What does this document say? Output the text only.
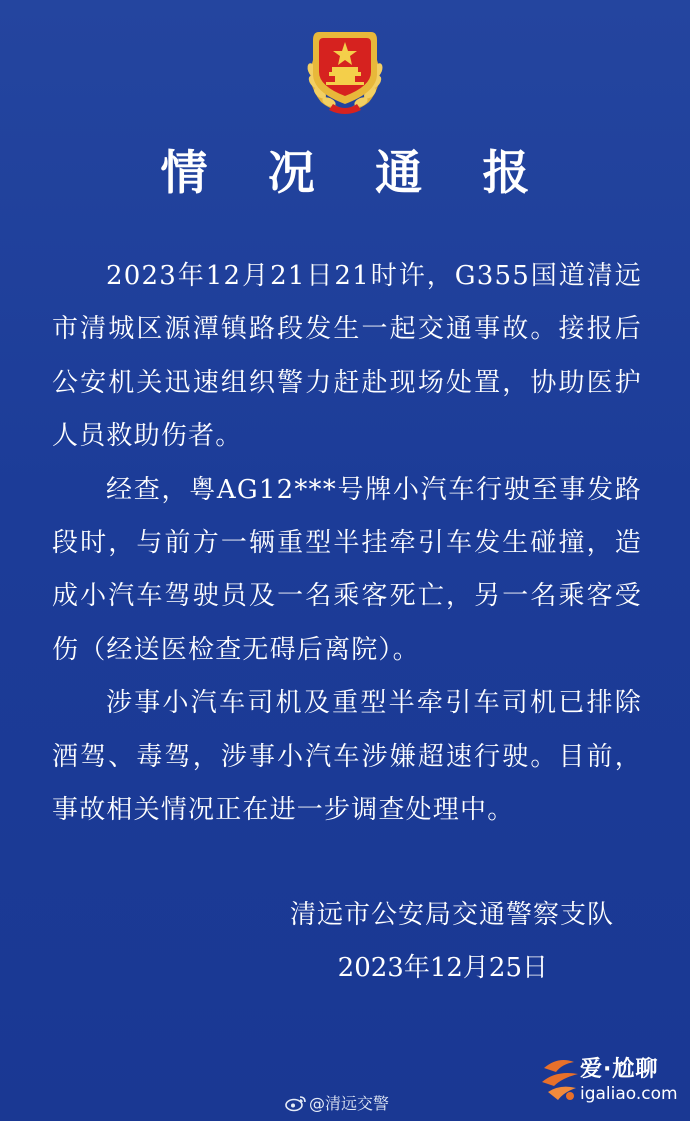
情 况 通 报

2023年12月21日21时许，G355国道清远市清城区源潭镇路段发生一起交通事故。接报后公安机关迅速组织警力赶赴现场处置，协助医护人员救助伤者。

经查，粤AG12***号牌小汽车行驶至事发路段时，与前方一辆重型半挂牵引车发生碰撞，造成小汽车驾驶员及一名乘客死亡，另一名乘客受伤（经送医检查无碍后离院）。

涉事小汽车司机及重型半牵引车司机已排除酒驾、毒驾，涉事小汽车涉嫌超速行驶。目前，事故相关情况正在进一步调查处理中。

清远市公安局交通警察支队
2023年12月25日
@清远交警
爱·尬聊
igaliao.com
